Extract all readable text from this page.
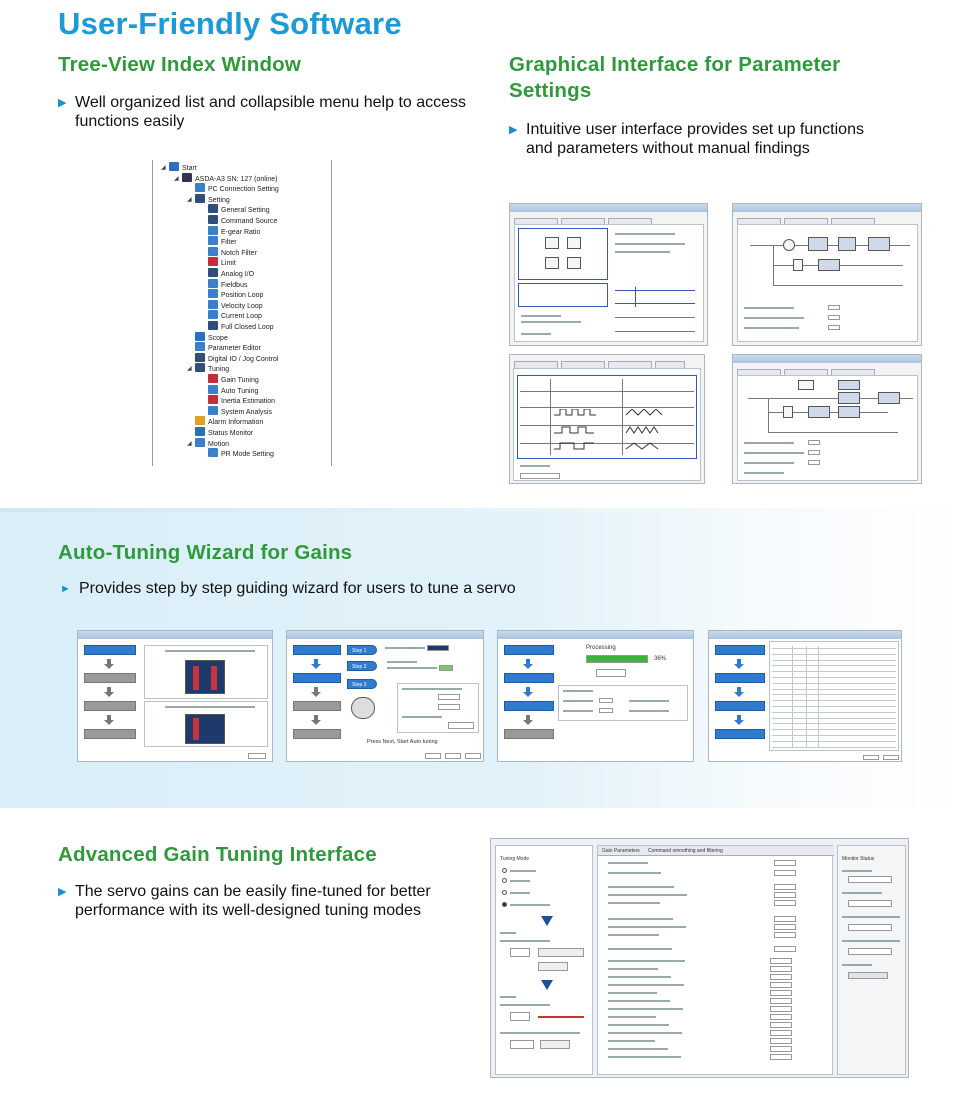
User-Friendly Software
Tree-View Index Window
▶ Well organized list and collapsible menu help to access functions easily
Start
◢
ASDA-A3 SN: 127 (online)
◢
PC Connection Setting
Setting
◢
General Setting
Command Source
E-gear Ratio
Filter
Notch Filter
Limit
Analog I/O
Fieldbus
Position Loop
Velocity Loop
Current Loop
Full Closed Loop
Scope
Parameter Editor
Digital IO / Jog Control
Tuning
◢
Gain Tuning
Auto Tuning
Inertia Estimation
System Analysis
Alarm Information
Status Monitor
Motion
◢
PR Mode Setting
Graphical Interface for Parameter
Settings
▶ Intuitive user interface provides set up functions and parameters without manual findings
Auto-Tuning Wizard for Gains
► Provides step by step guiding wizard for users to tune a servo
Step 1
Step 2
Step 3
Press Next, Start Auto tuning
Processing
36%
Advanced Gain Tuning Interface
▶ The servo gains can be easily fine-tuned for better performance with its well-designed tuning modes
Tuning Mode
Gain Parameters Command smoothing and filtering
Monitor Status
